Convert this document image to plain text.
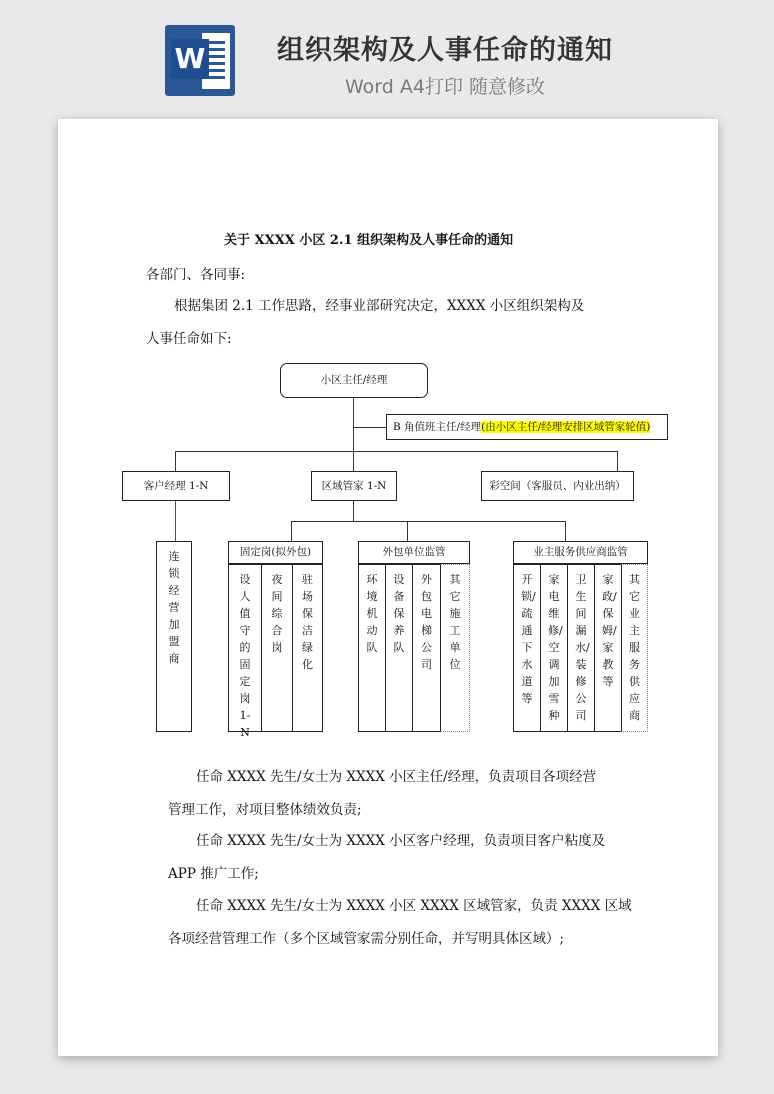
W	组织架构及人事任命的通知
Word A4打印 随意修改
关于 XXXX 小区 2.1 组织架构及人事任命的通知
各部门、各同事:
根据集团 2.1 工作思路，经事业部研究决定，XXXX 小区组织架构及
人事任命如下:
小区主任/经理
B 角值班主任/经理(由小区主任/经理安排区域管家轮值)
客户经理 1-N	区域管家 1-N	彩空间（客服员、内业出纳）
连锁经营加盟商
固定岗(拟外包)
设人值守的固定岗1-N
夜间综合岗
驻场保洁绿化
外包单位监管
环境机动队
设备保养队
外包电梯公司
其它施工单位
业主服务供应商监管
开锁/疏通下水道等
家电维修/空调加雪种
卫生间漏水/装修公司
家政/保姆/家教等
其它业主服务供应商
任命 XXXX 先生/女士为 XXXX 小区主任/经理，负责项目各项经营
管理工作，对项目整体绩效负责;
任命 XXXX 先生/女士为 XXXX 小区客户经理，负责项目客户粘度及
APP 推广工作;
任命 XXXX 先生/女士为 XXXX 小区 XXXX 区域管家，负责 XXXX 区域
各项经营管理工作（多个区域管家需分别任命，并写明具体区域）;
